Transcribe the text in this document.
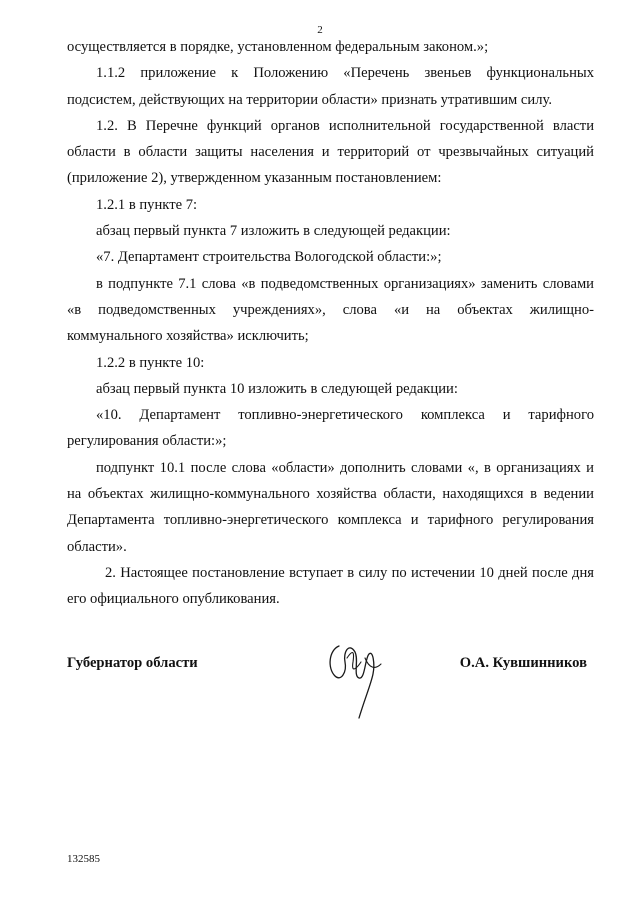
2

осуществляется в порядке, установленном федеральным законом.»;

1.1.2 приложение к Положению «Перечень звеньев функциональных подсистем, действующих на территории области» признать утратившим силу.

1.2. В Перечне функций органов исполнительной государственной власти области в области защиты населения и территорий от чрезвычайных ситуаций (приложение 2), утвержденном указанным постановлением:

1.2.1 в пункте 7:

абзац первый пункта 7 изложить в следующей редакции:

«7. Департамент строительства Вологодской области:»;

в подпункте 7.1 слова «в подведомственных организациях» заменить словами «в подведомственных учреждениях», слова «и на объектах жилищно-коммунального хозяйства» исключить;

1.2.2 в пункте 10:

абзац первый пункта 10 изложить в следующей редакции:

«10. Департамент топливно-энергетического комплекса и тарифного регулирования области:»;

подпункт 10.1 после слова «области» дополнить словами «, в организациях и на объектах жилищно-коммунального хозяйства области, находящихся в ведении Департамента топливно-энергетического комплекса и тарифного регулирования области».

2. Настоящее постановление вступает в силу по истечении 10 дней после дня его официального опубликования.

Губернатор области	О.А. Кувшинников
132585
